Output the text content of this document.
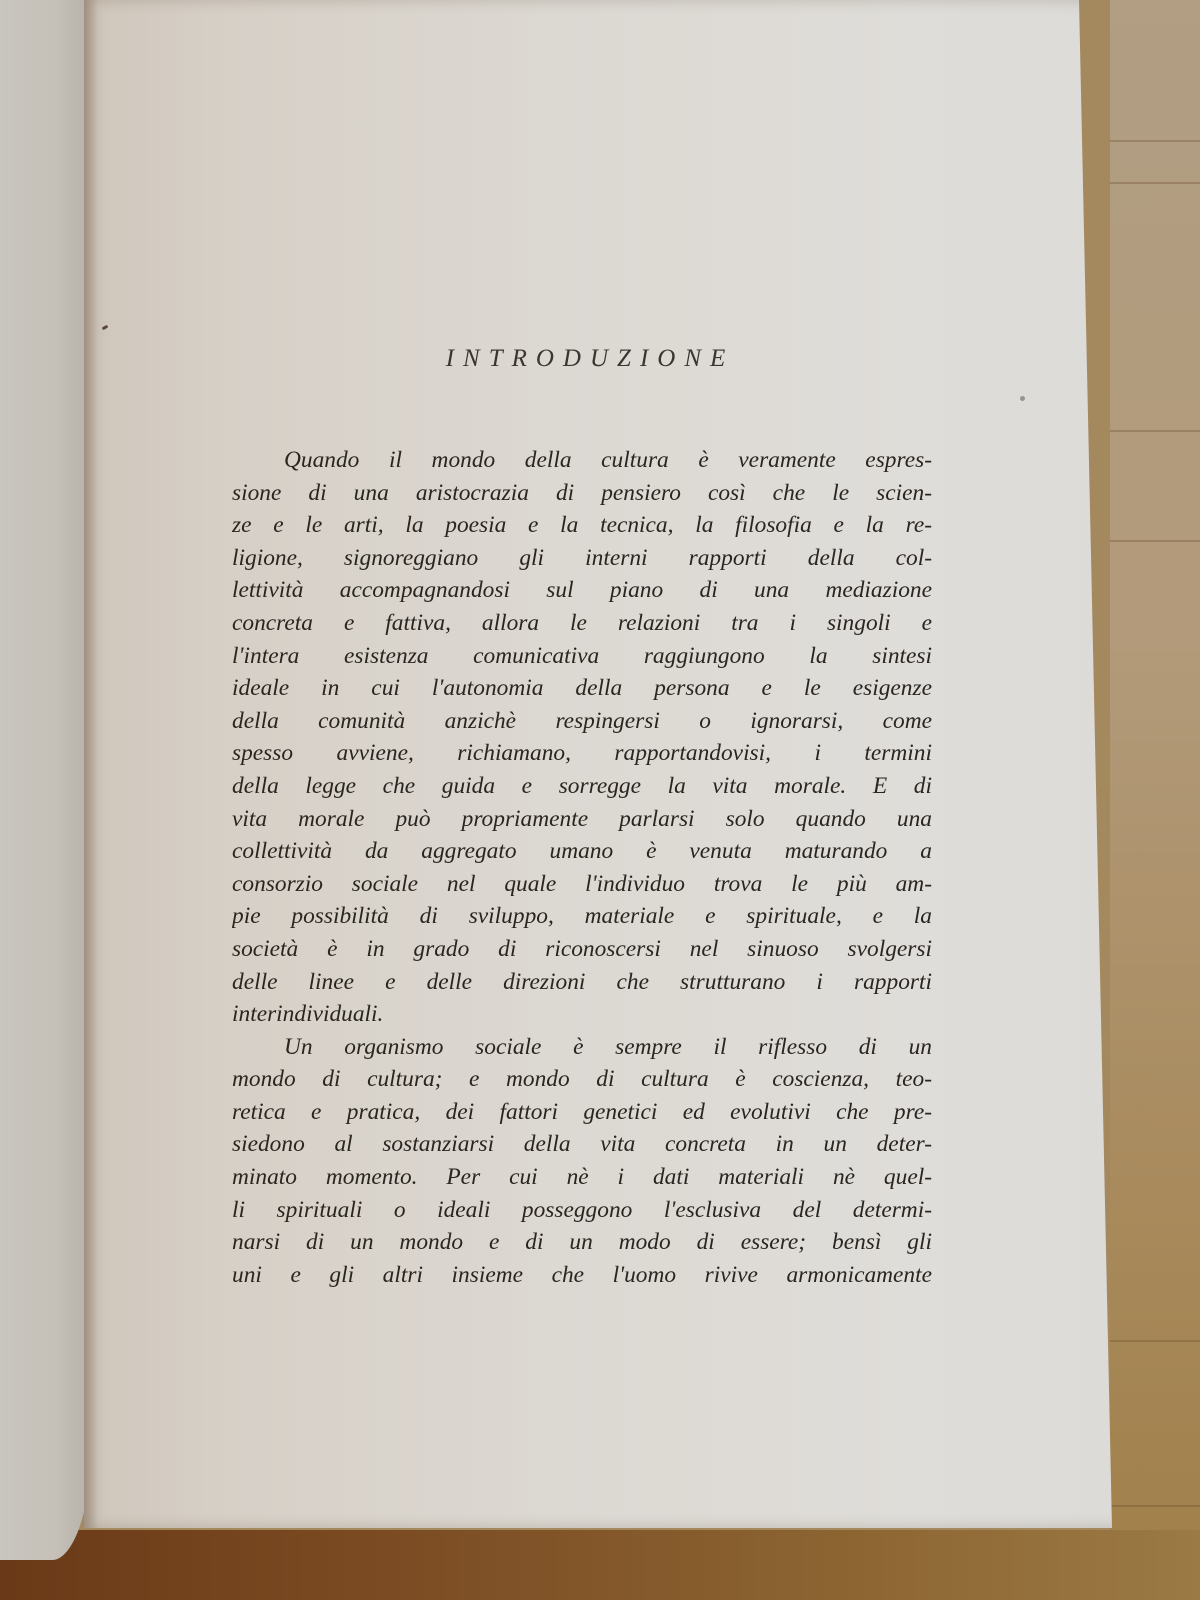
INTRODUZIONE
Quando il mondo della cultura è veramente espres-
sione di una aristocrazia di pensiero così che le scien-
ze e le arti, la poesia e la tecnica, la filosofia e la re-
ligione, signoreggiano gli interni rapporti della col-
lettività accompagnandosi sul piano di una mediazione
concreta e fattiva, allora le relazioni tra i singoli e
l'intera esistenza comunicativa raggiungono la sintesi
ideale in cui l'autonomia della persona e le esigenze
della comunità anzichè respingersi o ignorarsi, come
spesso avviene, richiamano, rapportandovisi, i termini
della legge che guida e sorregge la vita morale. E di
vita morale può propriamente parlarsi solo quando una
collettività da aggregato umano è venuta maturando a
consorzio sociale nel quale l'individuo trova le più am-
pie possibilità di sviluppo, materiale e spirituale, e la
società è in grado di riconoscersi nel sinuoso svolgersi
delle linee e delle direzioni che strutturano i rapporti
interindividuali.
Un organismo sociale è sempre il riflesso di un
mondo di cultura; e mondo di cultura è coscienza, teo-
retica e pratica, dei fattori genetici ed evolutivi che pre-
siedono al sostanziarsi della vita concreta in un deter-
minato momento. Per cui nè i dati materiali nè quel-
li spirituali o ideali posseggono l'esclusiva del determi-
narsi di un mondo e di un modo di essere; bensì gli
uni e gli altri insieme che l'uomo rivive armonicamente
